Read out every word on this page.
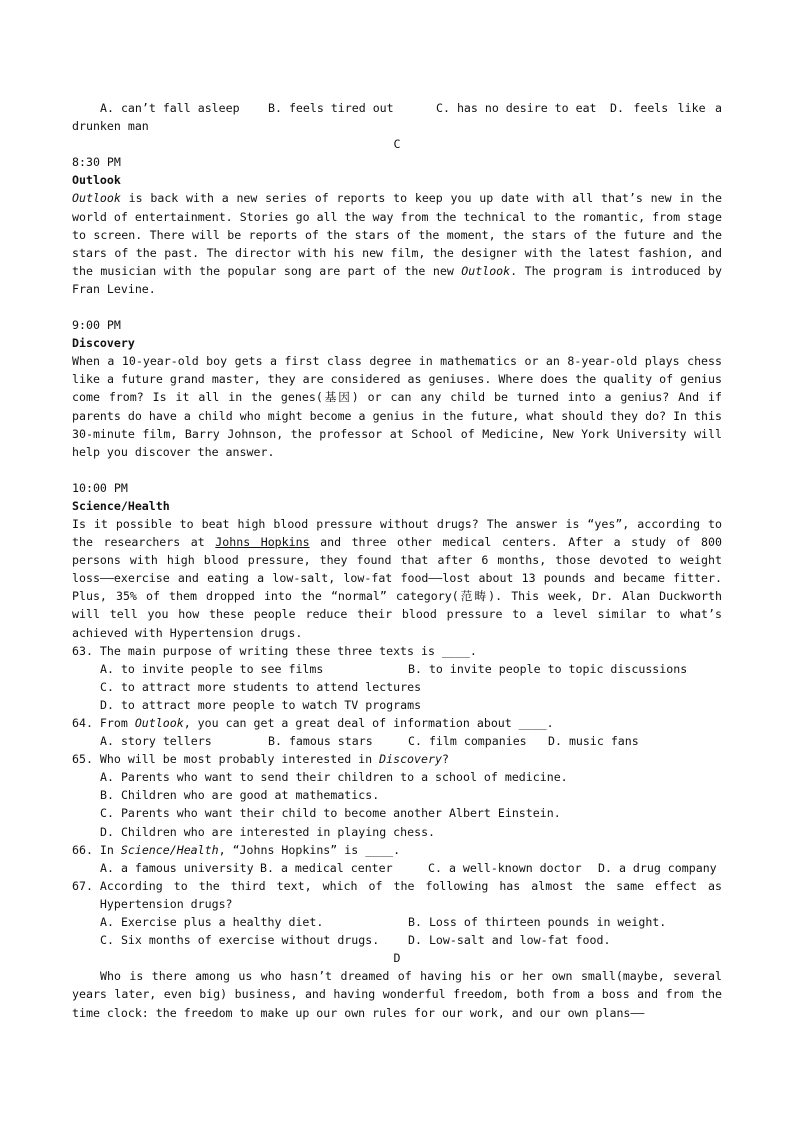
A. can’t fall asleep	B. feels tired out	C. has no desire to eat	D. feels like a
drunken man
C
8:30 PM
Outlook
Outlook is back with a new series of reports to keep you up date with all that’s new in the world of entertainment. Stories go all the way from the technical to the romantic, from stage to screen. There will be reports of the stars of the moment, the stars of the future and the stars of the past. The director with his new film, the designer with the latest fashion, and the musician with the popular song are part of the new Outlook. The program is introduced by Fran Levine.
9:00 PM
Discovery
When a 10-year-old boy gets a first class degree in mathematics or an 8-year-old plays chess like a future grand master, they are considered as geniuses. Where does the quality of genius come from? Is it all in the genes(基因) or can any child be turned into a genius? And if parents do have a child who might become a genius in the future, what should they do? In this 30-minute film, Barry Johnson, the professor at School of Medicine, New York University will help you discover the answer.
10:00 PM
Science/Health
Is it possible to beat high blood pressure without drugs? The answer is “yes”, according to the researchers at Johns Hopkins and three other medical centers. After a study of 800 persons with high blood pressure, they found that after 6 months, those devoted to weight loss——exercise and eating a low-salt, low-fat food——lost about 13 pounds and became fitter. Plus, 35% of them dropped into the “normal” category(范畴). This week, Dr. Alan Duckworth will tell you how these people reduce their blood pressure to a level similar to what’s achieved with Hypertension drugs.
63. The main purpose of writing these three texts is ____.
A. to invite people to see films	B. to invite people to topic discussions
C. to attract more students to attend lectures
D. to attract more people to watch TV programs
64. From Outlook, you can get a great deal of information about ____.
A. story tellers	B. famous stars	C. film companies	D. music fans
65. Who will be most probably interested in Discovery?
A. Parents who want to send their children to a school of medicine.
B. Children who are good at mathematics.
C. Parents who want their child to become another Albert Einstein.
D. Children who are interested in playing chess.
66. In Science/Health, “Johns Hopkins” is ____.
A. a famous university B. a medical center	C. a well-known doctor	D. a drug company
67. According to the third text, which of the following has almost the same effect as Hypertension drugs?
A. Exercise plus a healthy diet.	B. Loss of thirteen pounds in weight.
C. Six months of exercise without drugs.	D. Low-salt and low-fat food.
D
Who is there among us who hasn’t dreamed of having his or her own small(maybe, several years later, even big) business, and having wonderful freedom, both from a boss and from the time clock: the freedom to make up our own rules for our work, and our own plans——
